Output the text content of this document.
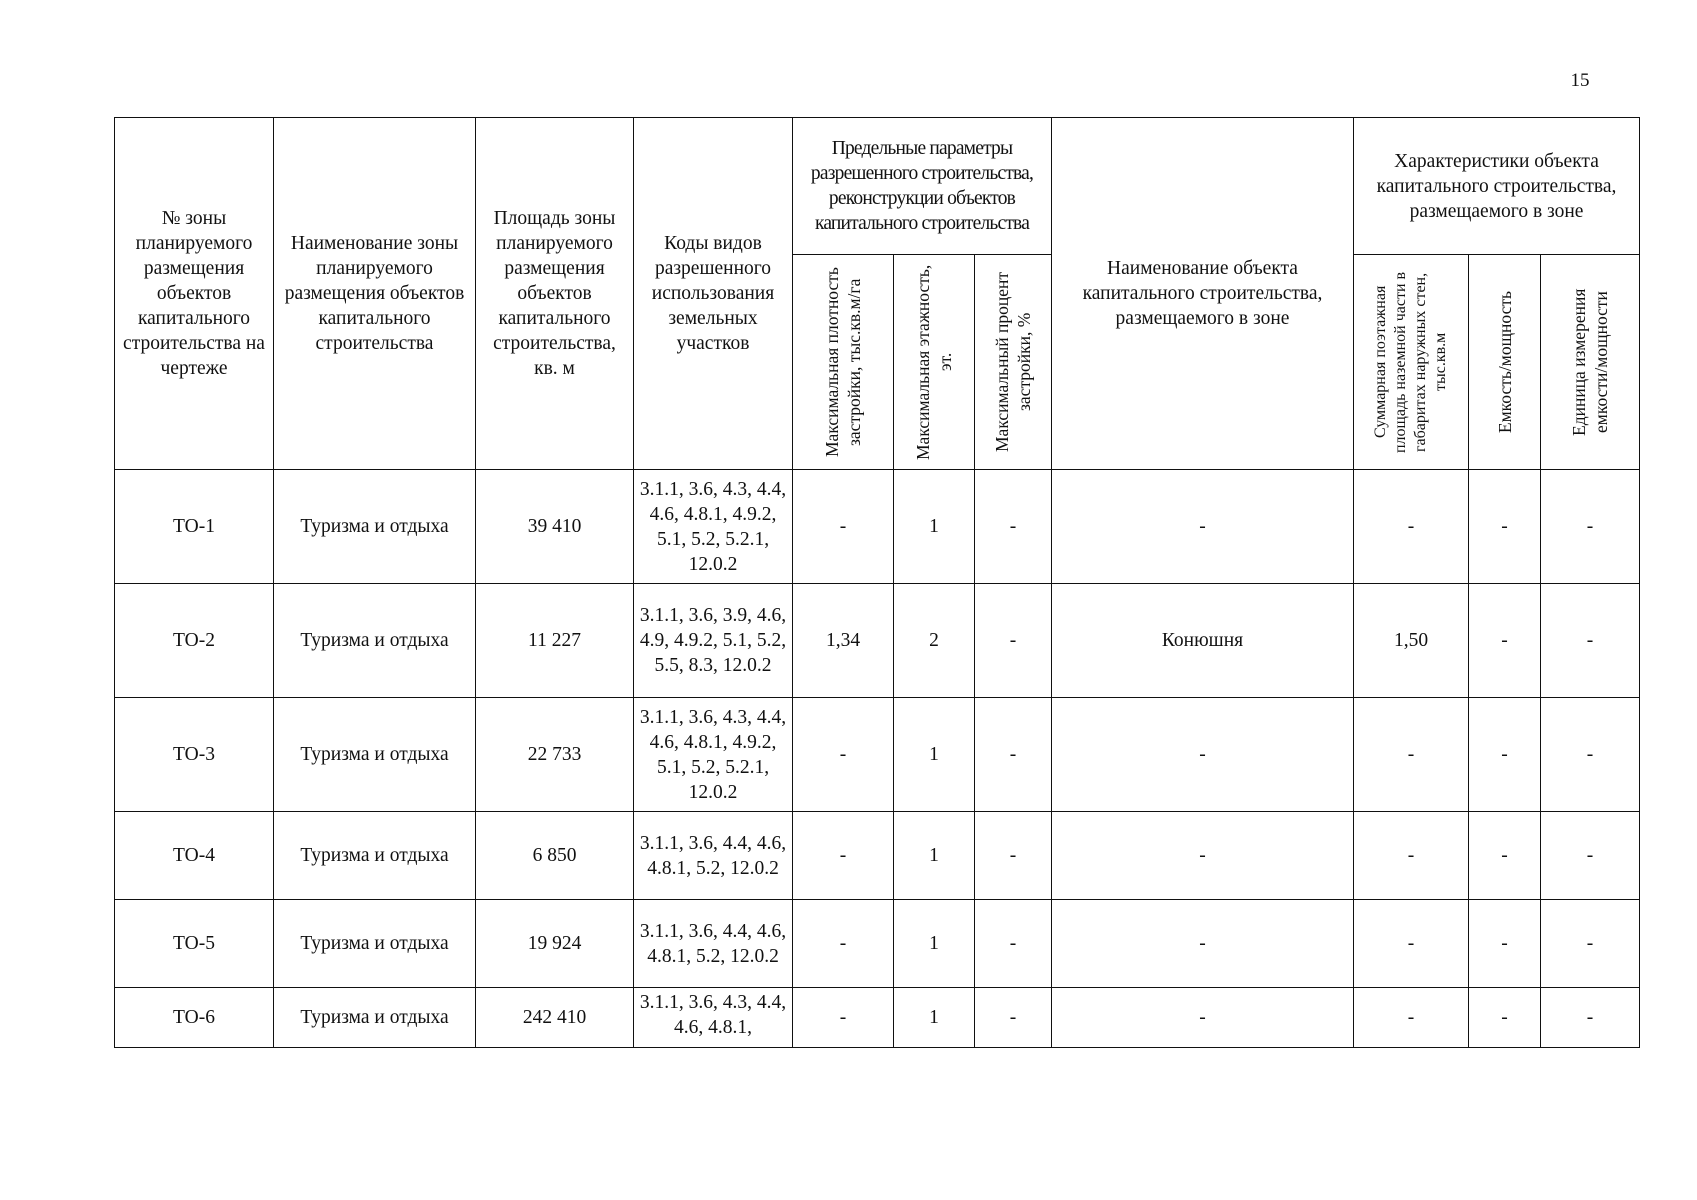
15
№ зоны планируемого размещения объектов капитального строительства на чертеже	Наименование зоны планируемого размещения объектов капитального строительства	Площадь зоны планируемого размещения объектов капитального строительства, кв. м	Коды видов разрешенного использования земельных участков	Предельные параметры разрешенного строительства, реконструкции объектов капитального строительства			Наименование объекта капитального строительства, размещаемого в зоне	Характеристики объекта капитального строительства, размещаемого в зоне		

				Максимальная плотность застройки, тыс.кв.м/га	Максимальная этажность, эт.	Максимальный процент застройки, %		Суммарная поэтажная площадь наземной части в габаритах наружных стен, тыс.кв.м	Емкость/мощность	Единица измерения емкости/мощности

ТО-1	Туризма и отдыха	39 410	3.1.1, 3.6, 4.3, 4.4, 4.6, 4.8.1, 4.9.2, 5.1, 5.2, 5.2.1, 12.0.2	-	1	-	-	-	-	-
ТО-2	Туризма и отдыха	11 227	3.1.1, 3.6, 3.9, 4.6, 4.9, 4.9.2, 5.1, 5.2, 5.5, 8.3, 12.0.2	1,34	2	-	Конюшня	1,50	-	-
ТО-3	Туризма и отдыха	22 733	3.1.1, 3.6, 4.3, 4.4, 4.6, 4.8.1, 4.9.2, 5.1, 5.2, 5.2.1, 12.0.2	-	1	-	-	-	-	-
ТО-4	Туризма и отдыха	6 850	3.1.1, 3.6, 4.4, 4.6, 4.8.1, 5.2, 12.0.2	-	1	-	-	-	-	-
ТО-5	Туризма и отдыха	19 924	3.1.1, 3.6, 4.4, 4.6, 4.8.1, 5.2, 12.0.2	-	1	-	-	-	-	-
ТО-6	Туризма и отдыха	242 410	3.1.1, 3.6, 4.3, 4.4, 4.6, 4.8.1,	-	1	-	-	-	-	-
